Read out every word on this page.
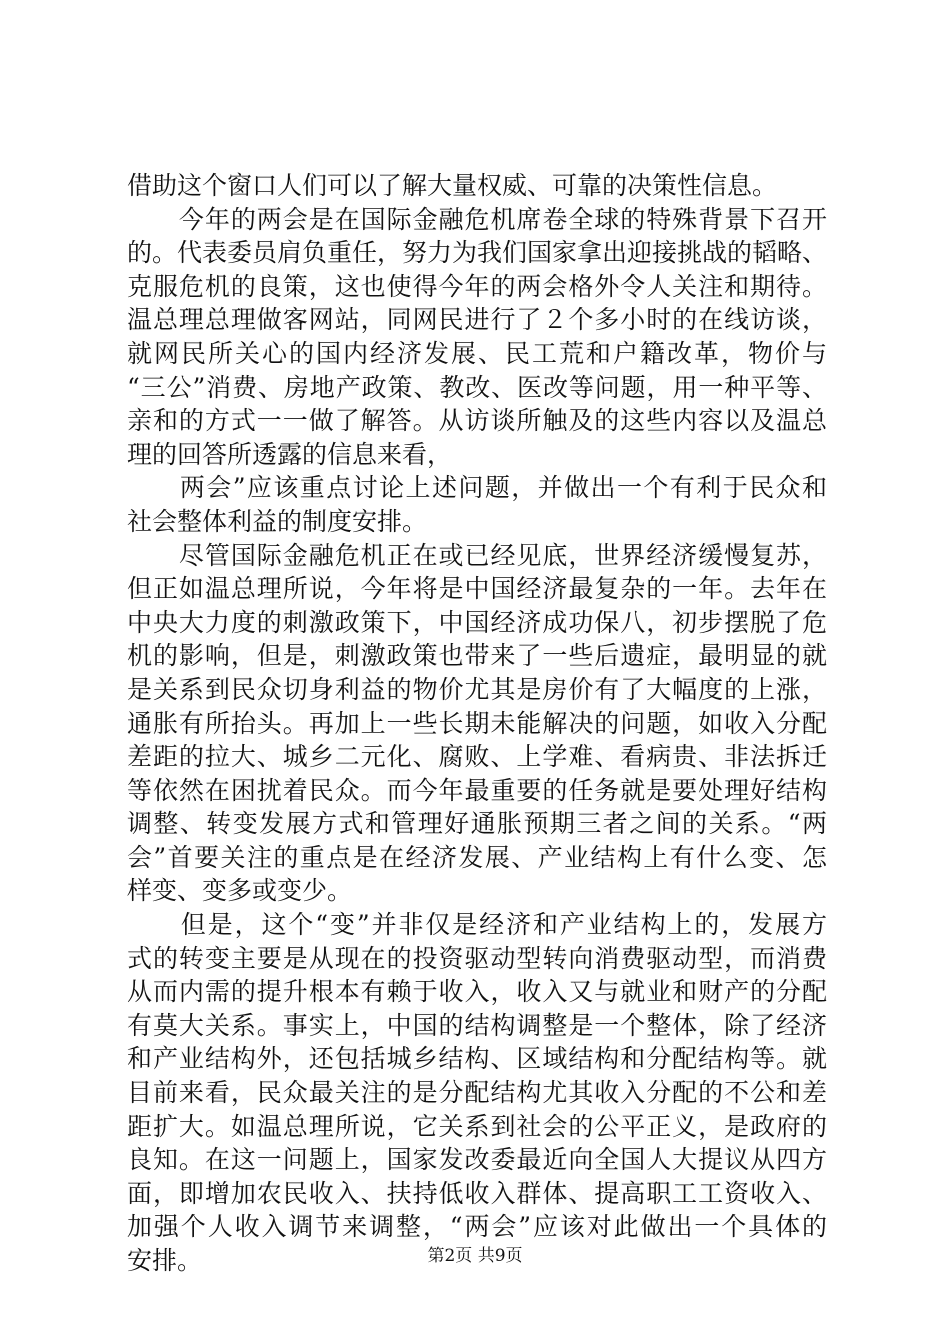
借助这个窗口人们可以了解大量权威、可靠的决策性信息。
　　今年的两会是在国际金融危机席卷全球的特殊背景下召开
的。代表委员肩负重任，努力为我们国家拿出迎接挑战的韬略、
克服危机的良策，这也使得今年的两会格外令人关注和期待。
温总理总理做客网站，同网民进行了２个多小时的在线访谈，
就网民所关心的国内经济发展、民工荒和户籍改革，物价与
“三公”消费、房地产政策、教改、医改等问题，用一种平等、
亲和的方式一一做了解答。从访谈所触及的这些内容以及温总
理的回答所透露的信息来看，
　　两会”应该重点讨论上述问题，并做出一个有利于民众和
社会整体利益的制度安排。
　　尽管国际金融危机正在或已经见底，世界经济缓慢复苏，
但正如温总理所说，今年将是中国经济最复杂的一年。去年在
中央大力度的刺激政策下，中国经济成功保八，初步摆脱了危
机的影响，但是，刺激政策也带来了一些后遗症，最明显的就
是关系到民众切身利益的物价尤其是房价有了大幅度的上涨，
通胀有所抬头。再加上一些长期未能解决的问题，如收入分配
差距的拉大、城乡二元化、腐败、上学难、看病贵、非法拆迁
等依然在困扰着民众。而今年最重要的任务就是要处理好结构
调整、转变发展方式和管理好通胀预期三者之间的关系。“两
会”首要关注的重点是在经济发展、产业结构上有什么变、怎
样变、变多或变少。
　　但是，这个“变”并非仅是经济和产业结构上的，发展方
式的转变主要是从现在的投资驱动型转向消费驱动型，而消费
从而内需的提升根本有赖于收入，收入又与就业和财产的分配
有莫大关系。事实上，中国的结构调整是一个整体，除了经济
和产业结构外，还包括城乡结构、区域结构和分配结构等。就
目前来看，民众最关注的是分配结构尤其收入分配的不公和差
距扩大。如温总理所说，它关系到社会的公平正义，是政府的
良知。在这一问题上，国家发改委最近向全国人大提议从四方
面，即增加农民收入、扶持低收入群体、提高职工工资收入、
加强个人收入调节来调整，“两会”应该对此做出一个具体的
安排。	第2页 共9页
